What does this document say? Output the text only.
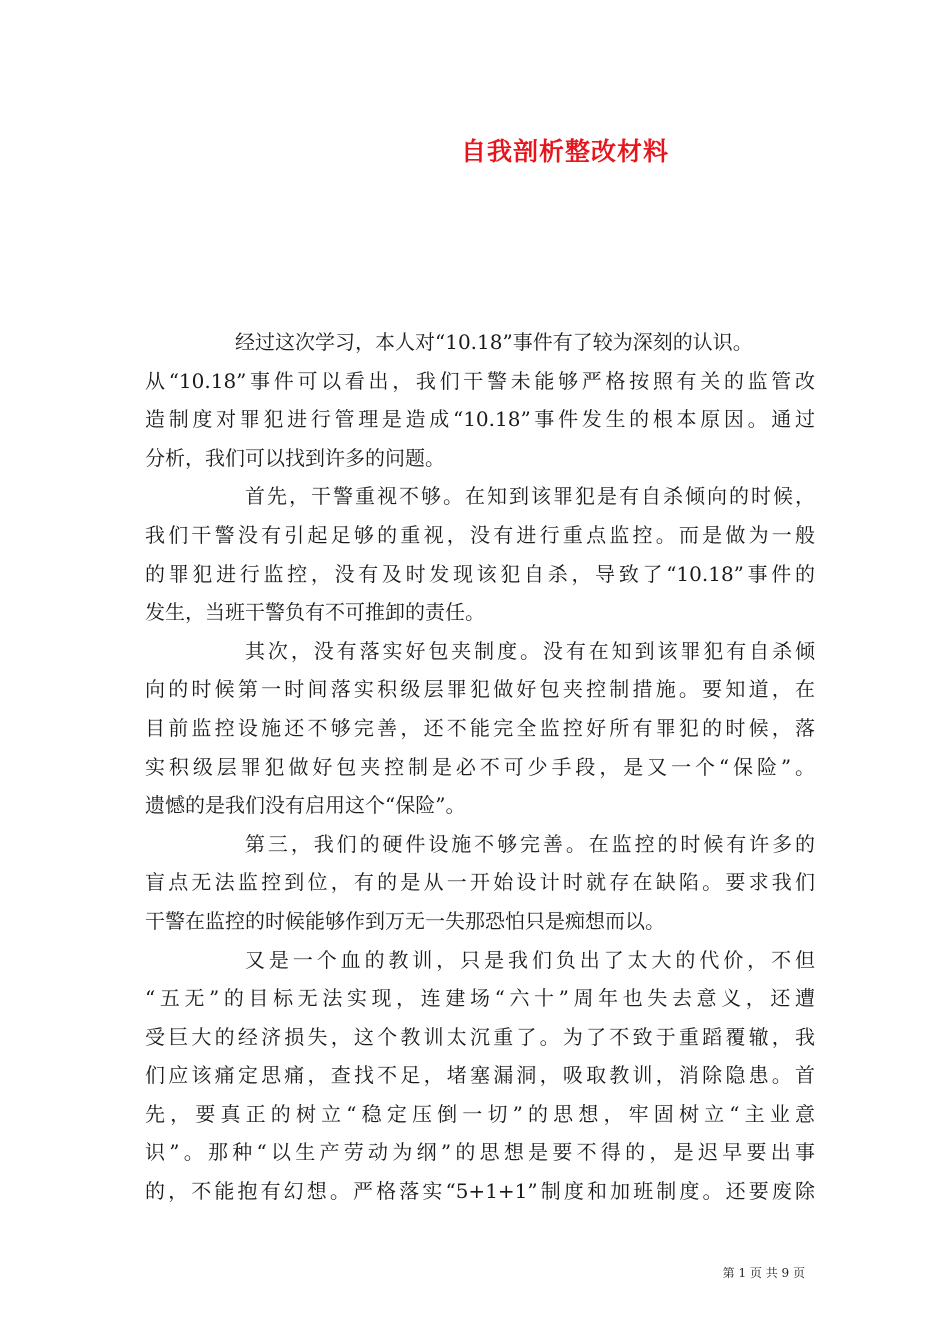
自我剖析整改材料
经过这次学习，本人对“10.18”事件有了较为深刻的认识。
从“10.18”事件可以看出，我们干警未能够严格按照有关的监管改
造制度对罪犯进行管理是造成“10.18”事件发生的根本原因。通过
分析，我们可以找到许多的问题。
首先，干警重视不够。在知到该罪犯是有自杀倾向的时候，
我们干警没有引起足够的重视，没有进行重点监控。而是做为一般
的罪犯进行监控，没有及时发现该犯自杀，导致了“10.18”事件的
发生，当班干警负有不可推卸的责任。
其次，没有落实好包夹制度。没有在知到该罪犯有自杀倾
向的时候第一时间落实积级层罪犯做好包夹控制措施。要知道，在
目前监控设施还不够完善，还不能完全监控好所有罪犯的时候，落
实积级层罪犯做好包夹控制是必不可少手段，是又一个“保险”。
遗憾的是我们没有启用这个“保险”。
第三，我们的硬件设施不够完善。在监控的时候有许多的
盲点无法监控到位，有的是从一开始设计时就存在缺陷。要求我们
干警在监控的时候能够作到万无一失那恐怕只是痴想而以。
又是一个血的教训，只是我们负出了太大的代价，不但
“五无”的目标无法实现，连建场“六十”周年也失去意义，还遭
受巨大的经济损失，这个教训太沉重了。为了不致于重蹈覆辙，我
们应该痛定思痛，查找不足，堵塞漏洞，吸取教训，消除隐患。首
先，要真正的树立“稳定压倒一切”的思想，牢固树立“主业意
识”。那种“以生产劳动为纲”的思想是要不得的，是迟早要出事
的，不能抱有幻想。严格落实“5+1+1”制度和加班制度。还要废除
第 1 页 共 9 页
